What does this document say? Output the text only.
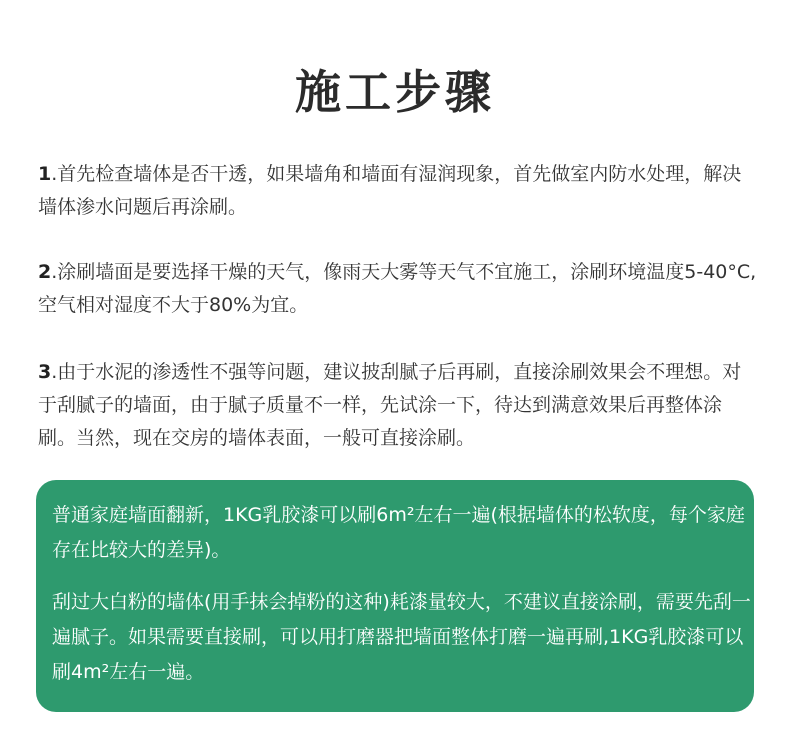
施工步骤
1.首先检查墙体是否干透，如果墙角和墙面有湿润现象，首先做室内防水处理，解决墙体渗水问题后再涂刷。
2.涂刷墙面是要选择干燥的天气，像雨天大雾等天气不宜施工，涂刷环境温度5-40°C,空气相对湿度不大于80%为宜。
3.由于水泥的渗透性不强等问题，建议披刮腻子后再刷，直接涂刷效果会不理想。对于刮腻子的墙面，由于腻子质量不一样，先试涂一下，待达到满意效果后再整体涂刷。当然，现在交房的墙体表面，一般可直接涂刷。
普通家庭墙面翻新，1KG乳胶漆可以刷6m²左右一遍(根据墙体的松软度，每个家庭存在比较大的差异)。
刮过大白粉的墙体(用手抹会掉粉的这种)耗漆量较大，不建议直接涂刷，需要先刮一遍腻子。如果需要直接刷，可以用打磨器把墙面整体打磨一遍再刷,1KG乳胶漆可以刷4m²左右一遍。
